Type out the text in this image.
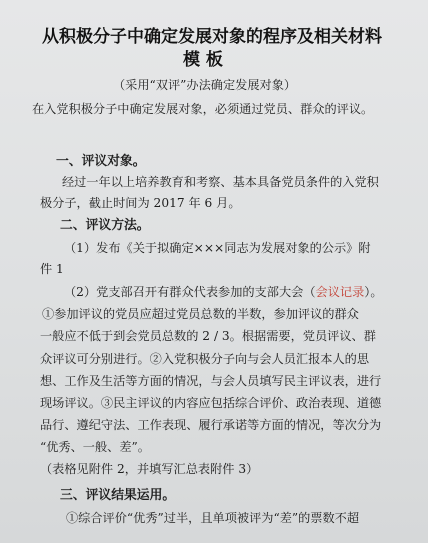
从积极分子中确定发展对象的程序及相关材料
模 板
（采用“双评”办法确定发展对象）
在入党积极分子中确定发展对象，必须通过党员、群众的评议。
一、评议对象。
经过一年以上培养教育和考察、基本具备党员条件的入党积
极分子，截止时间为 2017 年 6 月。
二、评议方法。
（1）发布《关于拟确定×××同志为发展对象的公示》附
件 1
（2）党支部召开有群众代表参加的支部大会（会议记录）。
①参加评议的党员应超过党员总数的半数，参加评议的群众
一般应不低于到会党员总数的 2 / 3。根据需要，党员评议、群
众评议可分别进行。②入党积极分子向与会人员汇报本人的思
想、工作及生活等方面的情况，与会人员填写民主评议表，进行
现场评议。③民主评议的内容应包括综合评价、政治表现、道德
品行、遵纪守法、工作表现、履行承诺等方面的情况，等次分为
“优秀、一般、差”。
（表格见附件 2，并填写汇总表附件 3）
三、评议结果运用。
①综合评价“优秀”过半，且单项被评为“差”的票数不超
